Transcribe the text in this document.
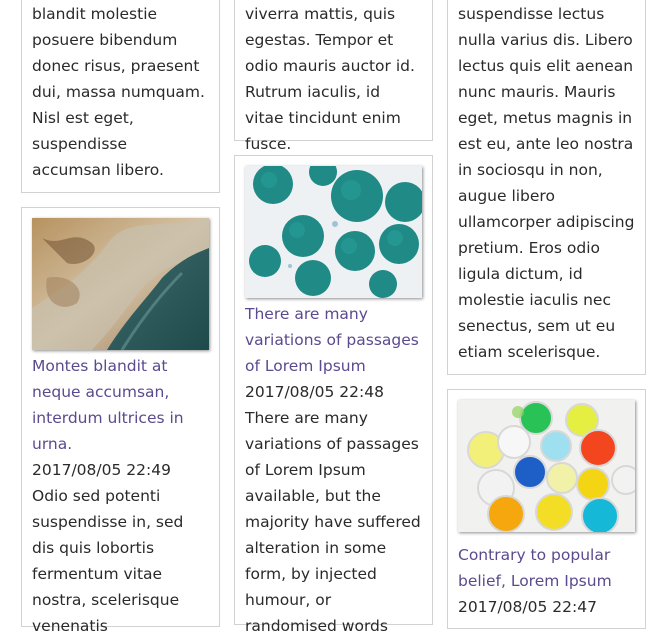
blandit molestie posuere bibendum donec risus, praesent dui, massa numquam. Nisl est eget, suspendisse accumsan libero.

Montes blandit at neque accumsan, interdum ultrices in urna.

2017/08/05 22:49

Odio sed potenti suspendisse in, sed dis quis lobortis fermentum vitae nostra, scelerisque venenatis

viverra mattis, quis egestas. Tempor et odio mauris auctor id. Rutrum iaculis, id vitae tincidunt enim fusce.

There are many variations of passages of Lorem Ipsum

2017/08/05 22:48

There are many variations of passages of Lorem Ipsum available, but the majority have suffered alteration in some form, by injected humour, or randomised words

suspendisse lectus nulla varius dis. Libero lectus quis elit aenean nunc mauris. Mauris eget, metus magnis in est eu, ante leo nostra in sociosqu in non, augue libero ullamcorper adipiscing pretium. Eros odio ligula dictum, id molestie iaculis nec senectus, sem ut eu etiam scelerisque.

Contrary to popular belief, Lorem Ipsum

2017/08/05 22:47
